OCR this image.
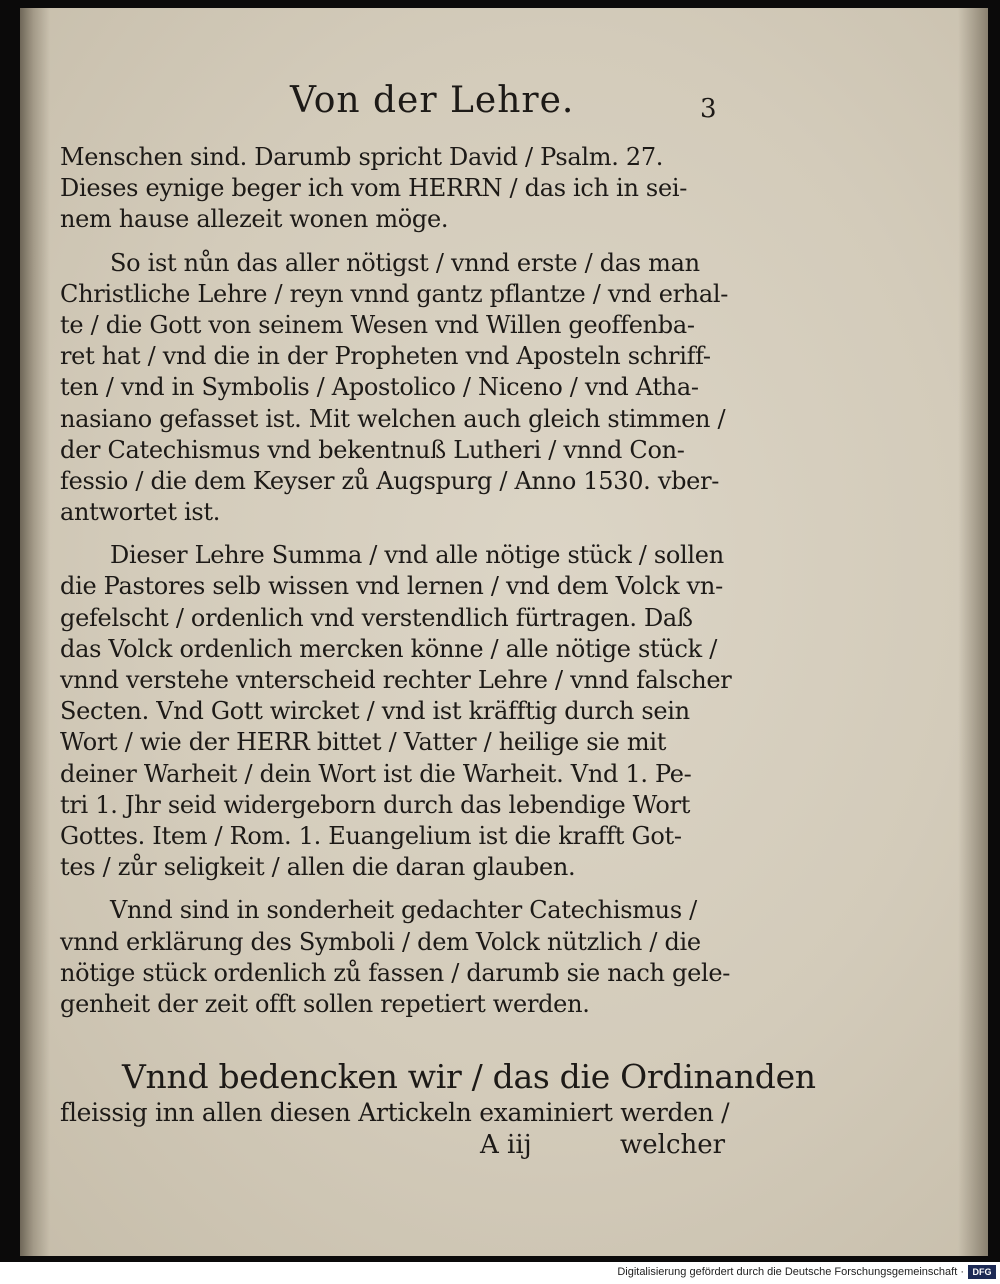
Von der Lehre.	3
Menschen sind. Darumb spricht David / Psalm. 27.
Dieses eynige beger ich vom HERRN / das ich in sei-
nem hause allezeit wonen möge.
So ist nůn das aller nötigst / vnnd erste / das man
Christliche Lehre / reyn vnnd gantz pflantze / vnd erhal-
te / die Gott von seinem Wesen vnd Willen geoffenba-
ret hat / vnd die in der Propheten vnd Aposteln schriff-
ten / vnd in Symbolis / Apostolico / Niceno / vnd Atha-
nasiano gefasset ist. Mit welchen auch gleich stimmen /
der Catechismus vnd bekentnuß Lutheri / vnnd Con-
fessio / die dem Keyser zů Augspurg / Anno 1530. vber-
antwortet ist.
Dieser Lehre Summa / vnd alle nötige stück / sollen
die Pastores selb wissen vnd lernen / vnd dem Volck vn-
gefelscht / ordenlich vnd verstendlich fürtragen. Daß
das Volck ordenlich mercken könne / alle nötige stück /
vnnd verstehe vnterscheid rechter Lehre / vnnd falscher
Secten. Vnd Gott wircket / vnd ist kräfftig durch sein
Wort / wie der HERR bittet / Vatter / heilige sie mit
deiner Warheit / dein Wort ist die Warheit. Vnd 1. Pe-
tri 1. Jhr seid widergeborn durch das lebendige Wort
Gottes. Item / Rom. 1. Euangelium ist die krafft Got-
tes / zůr seligkeit / allen die daran glauben.
Vnnd sind in sonderheit gedachter Catechismus /
vnnd erklärung des Symboli / dem Volck nützlich / die
nötige stück ordenlich zů fassen / darumb sie nach gele-
genheit der zeit offt sollen repetiert werden.
Vnnd bedencken wir / das die Ordinanden
fleissig inn allen diesen Artickeln examiniert werden /
A iij	welcher
Digitalisierung gefördert durch die Deutsche Forschungsgemeinschaft · DFG
